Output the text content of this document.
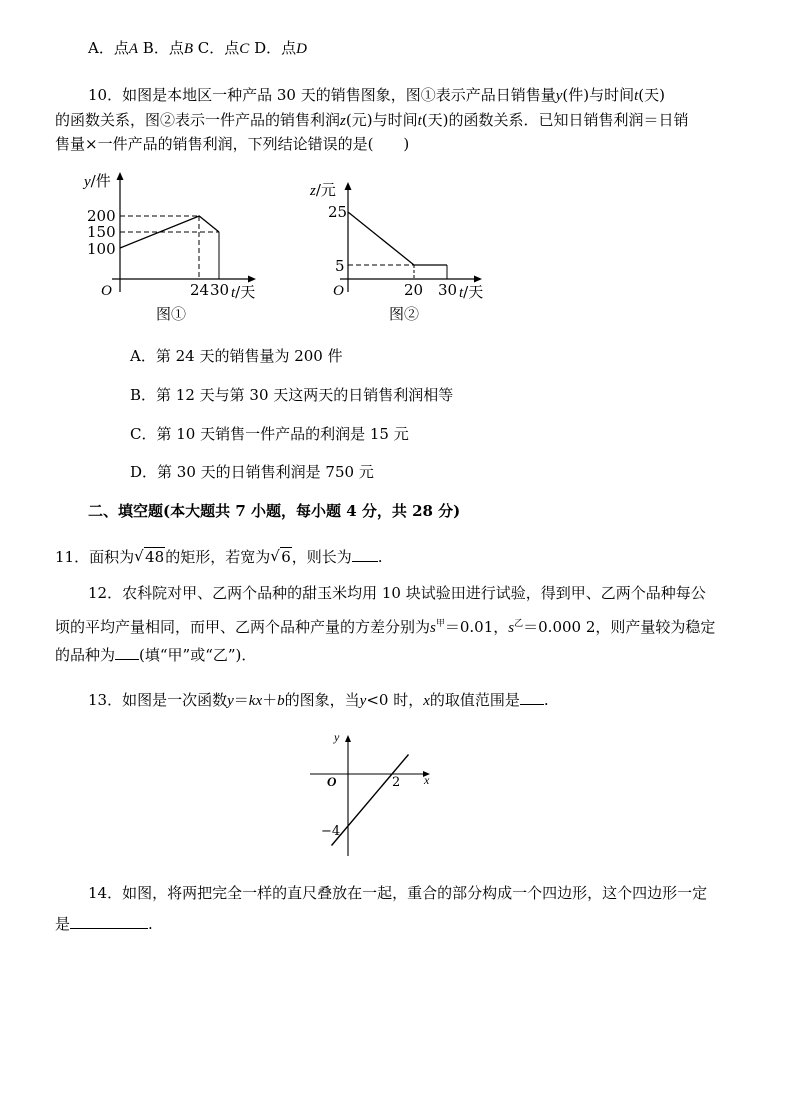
A．点A B．点B C．点C D．点D
10．如图是本地区一种产品 30 天的销售图象，图①表示产品日销售量y(件)与时间t(天)
的函数关系，图②表示一件产品的销售利润z(元)与时间t(天)的函数关系．已知日销售利润＝日销
售量×一件产品的销售利润，下列结论错误的是(　　)
y/件
200
150
100
O	24 30 t/天
图①
z/元
25
5
O	20 30 t/天
图②
A．第 24 天的销售量为 200 件
B．第 12 天与第 30 天这两天的日销售利润相等
C．第 10 天销售一件产品的利润是 15 元
D．第 30 天的日销售利润是 750 元
二、填空题(本大题共 7 小题，每小题 4 分，共 28 分)
11．面积为 √ 48的矩形，若宽为 √ 6，则长为 .
12．农科院对甲、乙两个品种的甜玉米均用 10 块试验田进行试验，得到甲、乙两个品种每公
顷的平均产量相同，而甲、乙两个品种产量的方差分别为$s^甲=0.01$，$s^乙=0.000$ 2，则产量较为稳定
的品种为 (填“甲”或“乙”)．
13．如图是一次函数y＝kx＋b的图象，当y<0 时，x的取值范围是 .
y
x
O	2
−4
14．如图，将两把完全一样的直尺叠放在一起，重合的部分构成一个四边形，这个四边形一定
是	.
